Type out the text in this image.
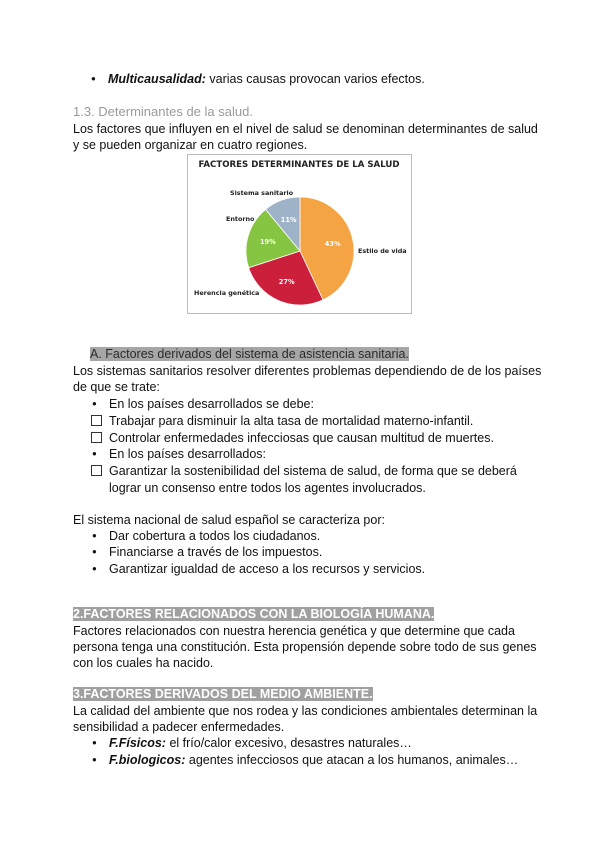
● Multicausalidad: varias causas provocan varios efectos.
1.3. Determinantes de la salud.
Los factores que influyen en el nivel de salud se denominan determinantes de salud
y se pueden organizar en cuatro regiones.
FACTORES DETERMINANTES DE LA SALUD
43%
27%
19%
11%
Estilo de vida
Herencia genética
Entorno
Sistema sanitario
A. Factores derivados del sistema de asistencia sanitaria.
Los sistemas sanitarios resolver diferentes problemas dependiendo de de los países
de que se trate:
● En los países desarrollados se debe:
Trabajar para disminuir la alta tasa de mortalidad materno-infantil.
Controlar enfermedades infecciosas que causan multitud de muertes.
● En los países desarrollados:
Garantizar la sostenibilidad del sistema de salud, de forma que se deberá
lograr un consenso entre todos los agentes involucrados.
El sistema nacional de salud español se caracteriza por:
● Dar cobertura a todos los ciudadanos.
● Financiarse a través de los impuestos.
● Garantizar igualdad de acceso a los recursos y servicios.
2.FACTORES RELACIONADOS CON LA BIOLOGÍA HUMANA.
Factores relacionados con nuestra herencia genética y que determine que cada
persona tenga una constitución. Esta propensión depende sobre todo de sus genes
con los cuales ha nacido.
3.FACTORES DERIVADOS DEL MEDIO AMBIENTE.
La calidad del ambiente que nos rodea y las condiciones ambientales determinan la
sensibilidad a padecer enfermedades.
● F.Físicos: el frío/calor excesivo, desastres naturales…
● F.biologicos: agentes infecciosos que atacan a los humanos, animales…
